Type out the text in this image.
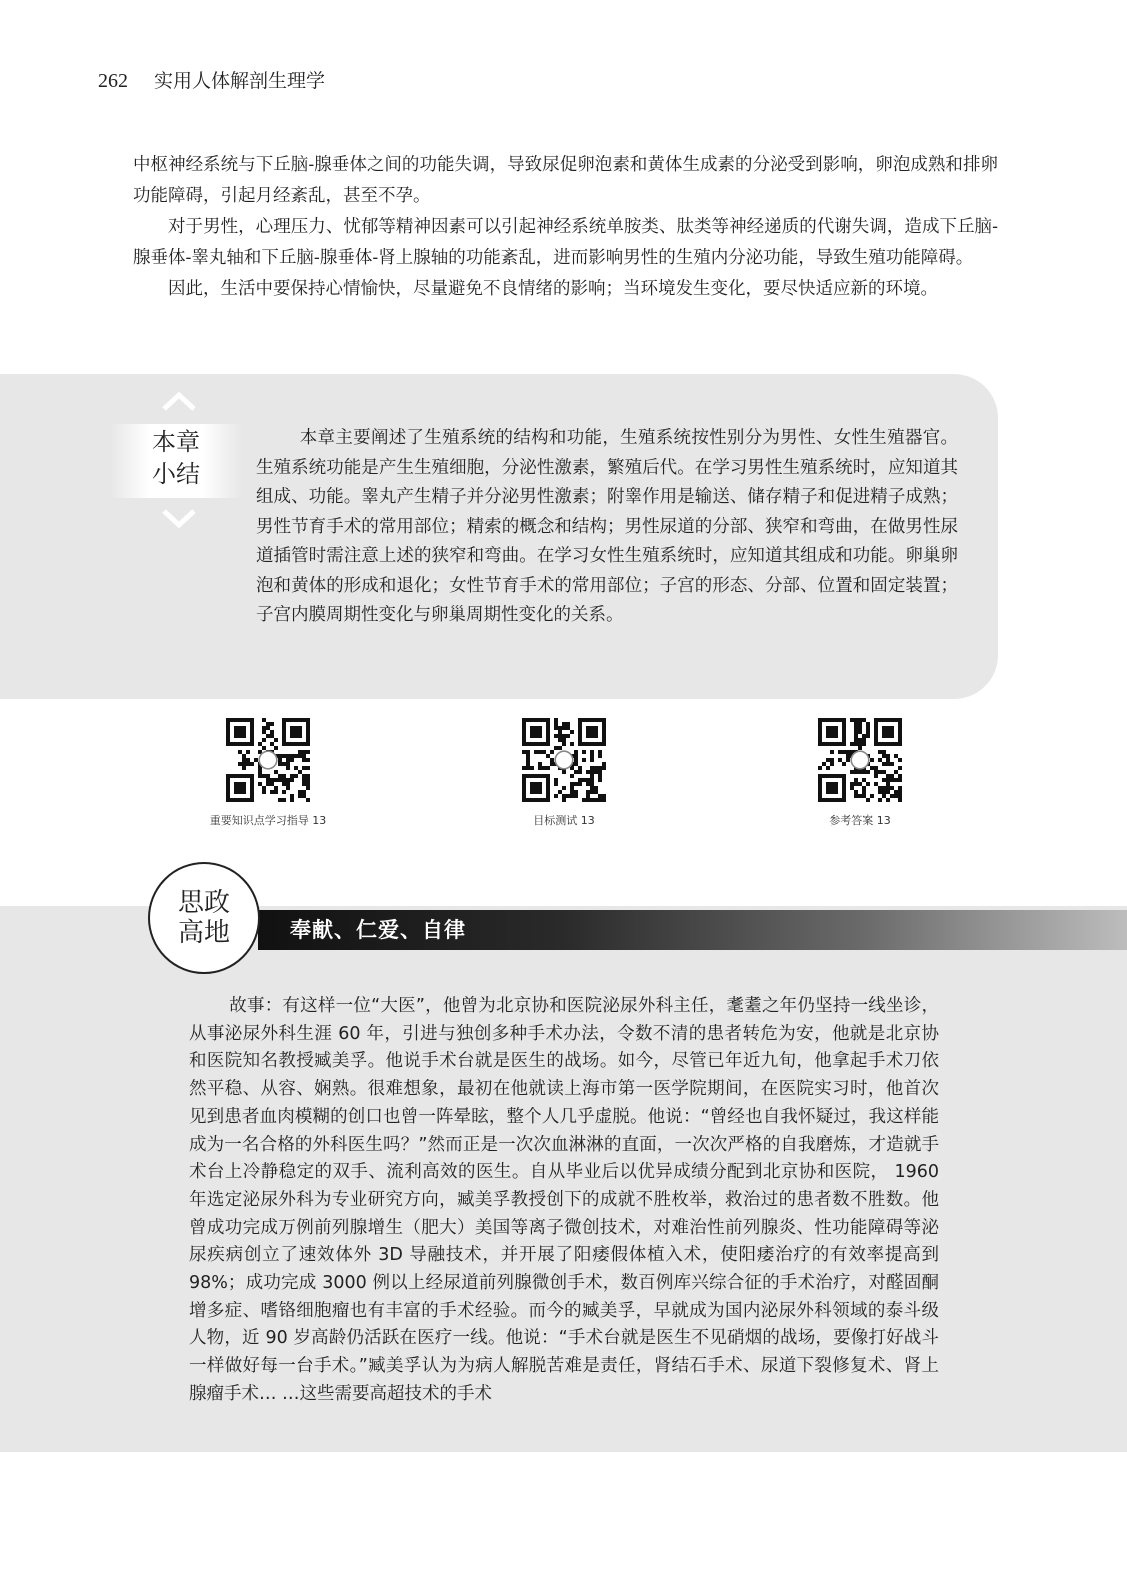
262 实用人体解剖生理学

中枢神经系统与下丘脑-腺垂体之间的功能失调，导致尿促卵泡素和黄体生成素的分泌受到影响，卵泡成熟和排卵功能障碍，引起月经紊乱，甚至不孕。

对于男性，心理压力、忧郁等精神因素可以引起神经系统单胺类、肽类等神经递质的代谢失调，造成下丘脑-腺垂体-睾丸轴和下丘脑-腺垂体-肾上腺轴的功能紊乱，进而影响男性的生殖内分泌功能，导致生殖功能障碍。

因此，生活中要保持心情愉快，尽量避免不良情绪的影响；当环境发生变化，要尽快适应新的环境。

本章
小结

本章主要阐述了生殖系统的结构和功能，生殖系统按性别分为男性、女性生殖器官。生殖系统功能是产生生殖细胞，分泌性激素，繁殖后代。在学习男性生殖系统时，应知道其组成、功能。睾丸产生精子并分泌男性激素；附睾作用是输送、储存精子和促进精子成熟；男性节育手术的常用部位；精索的概念和结构；男性尿道的分部、狭窄和弯曲，在做男性尿道插管时需注意上述的狭窄和弯曲。在学习女性生殖系统时，应知道其组成和功能。卵巢卵泡和黄体的形成和退化；女性节育手术的常用部位；子宫的形态、分部、位置和固定装置；子宫内膜周期性变化与卵巢周期性变化的关系。

重要知识点学习指导 13	目标测试 13	参考答案 13
奉献、仁爱、自律
思政
高地

故事：有这样一位“大医”，他曾为北京协和医院泌尿外科主任，耄耋之年仍坚持一线坐诊，从事泌尿外科生涯 60 年，引进与独创多种手术办法，令数不清的患者转危为安，他就是北京协和医院知名教授臧美孚。他说手术台就是医生的战场。如今，尽管已年近九旬，他拿起手术刀依然平稳、从容、娴熟。很难想象，最初在他就读上海市第一医学院期间，在医院实习时，他首次见到患者血肉模糊的创口也曾一阵晕眩，整个人几乎虚脱。他说：“曾经也自我怀疑过，我这样能成为一名合格的外科医生吗？”然而正是一次次血淋淋的直面，一次次严格的自我磨炼，才造就手术台上冷静稳定的双手、流利高效的医生。自从毕业后以优异成绩分配到北京协和医院， 1960 年选定泌尿外科为专业研究方向，臧美孚教授创下的成就不胜枚举，救治过的患者数不胜数。他曾成功完成万例前列腺增生（肥大）美国等离子微创技术，对难治性前列腺炎、性功能障碍等泌尿疾病创立了速效体外 3D 导融技术，并开展了阳痿假体植入术，使阳痿治疗的有效率提高到 98%；成功完成 3000 例以上经尿道前列腺微创手术，数百例库兴综合征的手术治疗，对醛固酮增多症、嗜铬细胞瘤也有丰富的手术经验。而今的臧美孚，早就成为国内泌尿外科领域的泰斗级人物，近 90 岁高龄仍活跃在医疗一线。他说：“手术台就是医生不见硝烟的战场，要像打好战斗一样做好每一台手术。”臧美孚认为为病人解脱苦难是责任，肾结石手术、尿道下裂修复术、肾上腺瘤手术… …这些需要高超技术的手术
